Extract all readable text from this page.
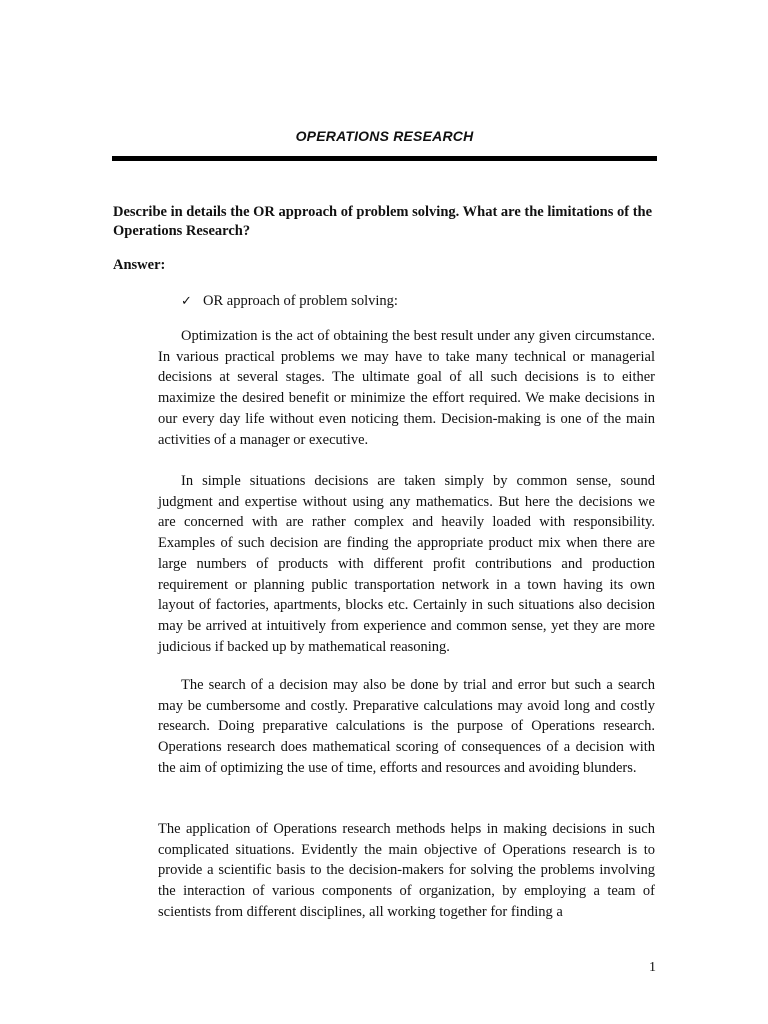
OPERATIONS RESEARCH
Describe in details the OR approach of problem solving. What are the limitations of the Operations Research?
Answer:
✓ OR approach of problem solving:

Optimization is the act of obtaining the best result under any given circumstance. In various practical problems we may have to take many technical or managerial decisions at several stages. The ultimate goal of all such decisions is to either maximize the desired benefit or minimize the effort required. We make decisions in our every day life without even noticing them. Decision-making is one of the main activities of a manager or executive.

In simple situations decisions are taken simply by common sense, sound judgment and expertise without using any mathematics. But here the decisions we are concerned with are rather complex and heavily loaded with responsibility. Examples of such decision are finding the appropriate product mix when there are large numbers of products with different profit contributions and production requirement or planning public transportation network in a town having its own layout of factories, apartments, blocks etc. Certainly in such situations also decision may be arrived at intuitively from experience and common sense, yet they are more judicious if backed up by mathematical reasoning.

The search of a decision may also be done by trial and error but such a search may be cumbersome and costly. Preparative calculations may avoid long and costly research. Doing preparative calculations is the purpose of Operations research. Operations research does mathematical scoring of consequences of a decision with the aim of optimizing the use of time, efforts and resources and avoiding blunders.

The application of Operations research methods helps in making decisions in such complicated situations. Evidently the main objective of Operations research is to provide a scientific basis to the decision-makers for solving the problems involving the interaction of various components of organization, by employing a team of scientists from different disciplines, all working together for finding a

1
